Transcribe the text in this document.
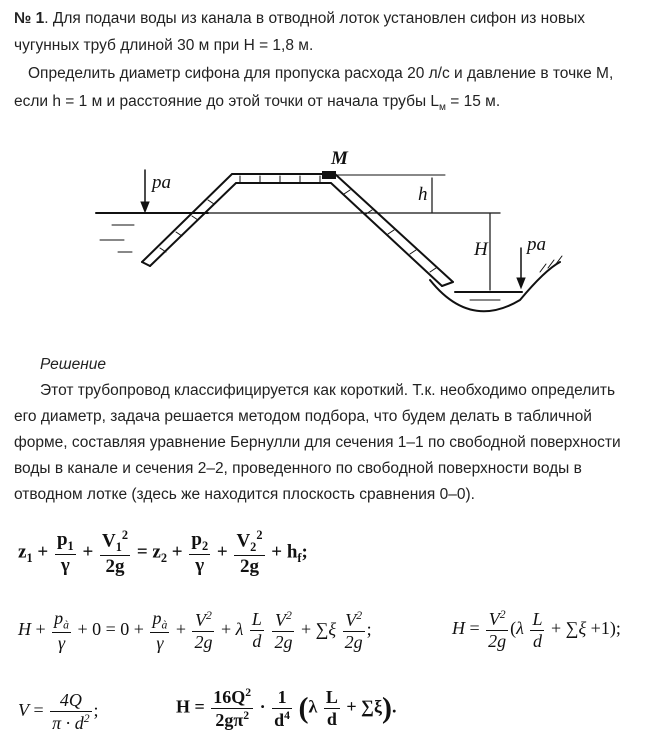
№ 1. Для подачи воды из канала в отводной лоток установлен сифон из новых
чугунных труб длиной 30 м при H = 1,8 м.
Определить диаметр сифона для пропуска расхода 20 л/с и давление в точке М,
если h = 1 м и расстояние до этой точки от начала трубы $L_м = 15$ м.
pa
M
h
H pa
Решение
Этот трубопровод классифицируется как короткий. Т.к. необходимо определить
его диаметр, задача решается методом подбора, что будем делать в табличной
форме, составляя уравнение Бернулли для сечения 1–1 по свободной поверхности
воды в канале и сечения 2–2, проведенного по свободной поверхности воды в
отводном лотке (здесь же находится плоскость сравнения 0–0).
$z_1 + \frac{p_1}{\gamma} + \frac{V_1^2}{2g} = z_2 + \frac{p_2}{\gamma} + \frac{V_2^2}{2g} + h_f$;
$H + \frac{p_à}{\gamma} + 0 = 0 + \frac{p_à}{\gamma} + \frac{V^2}{2g} + \lambda \frac{L}{d}$
$\frac{V^2}{2g} + \sum\xi \frac{V^2}{2g}$ ;	$H = \frac{V^2}{2g} (\lambda \frac{L}{d} + \sum\xi +1)$;
$V = \frac{4Q}{\pi \cdot d^2}$ ;	$H = \frac{16Q^2}{2g\pi^2} \cdot \frac{1}{d^4} (\lambda \frac{L}{d} + \sum\xi)$.
